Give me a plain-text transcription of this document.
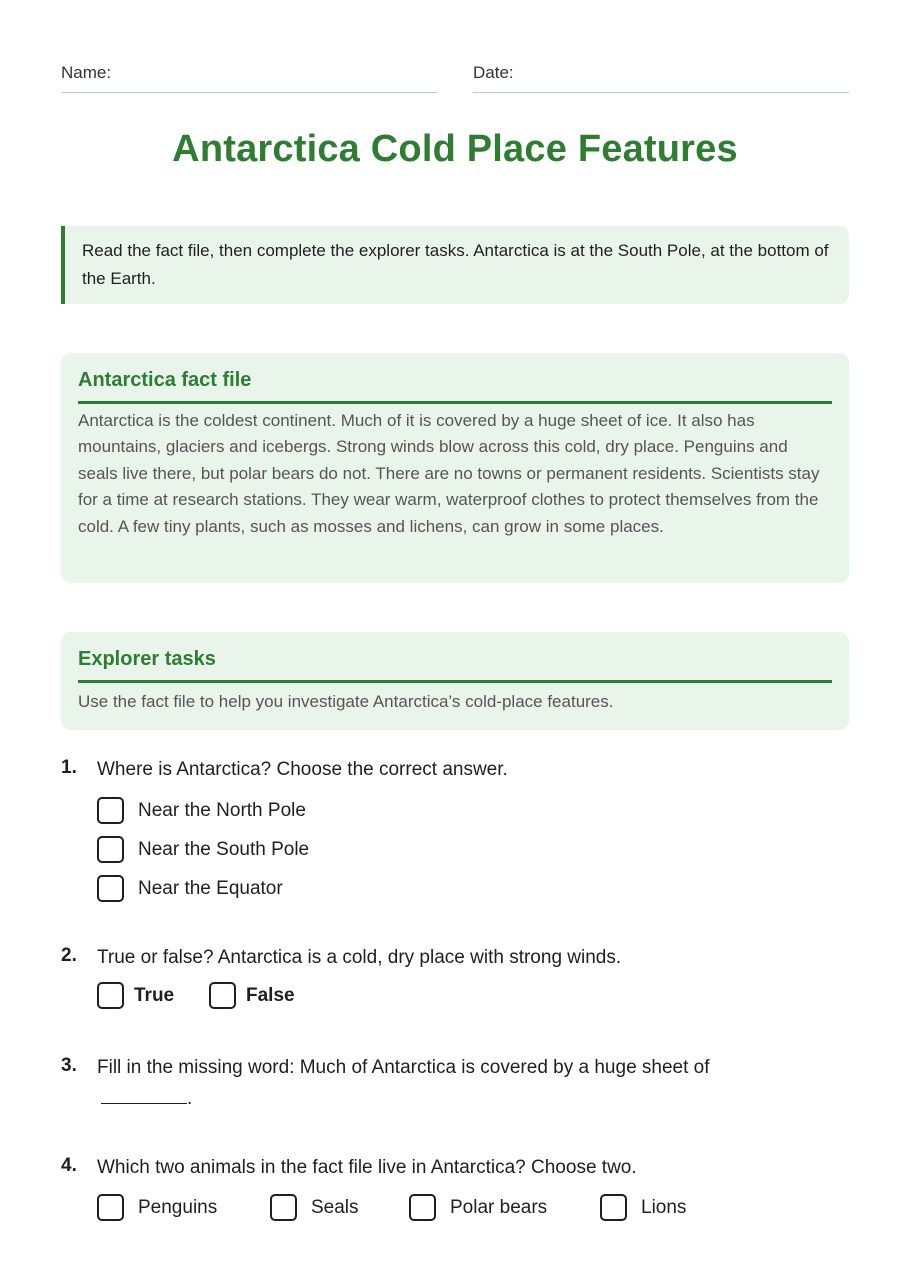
Name:	Date:
Antarctica Cold Place Features
Read the fact file, then complete the explorer tasks. Antarctica is at the South Pole, at the bottom of the Earth.
Antarctica fact file
Antarctica is the coldest continent. Much of it is covered by a huge sheet of ice. It also has mountains, glaciers and icebergs. Strong winds blow across this cold, dry place. Penguins and seals live there, but polar bears do not. There are no towns or permanent residents. Scientists stay for a time at research stations. They wear warm, waterproof clothes to protect themselves from the cold. A few tiny plants, such as mosses and lichens, can grow in some places.
Explorer tasks
Use the fact file to help you investigate Antarctica’s cold-place features.
1. Where is Antarctica? Choose the correct answer.
Near the North Pole
Near the South Pole
Near the Equator
2. True or false? Antarctica is a cold, dry place with strong winds.
True	False
3. Fill in the missing word: Much of Antarctica is covered by a huge sheet of
.
4. Which two animals in the fact file live in Antarctica? Choose two.
Penguins	Seals	Polar bears	Lions
